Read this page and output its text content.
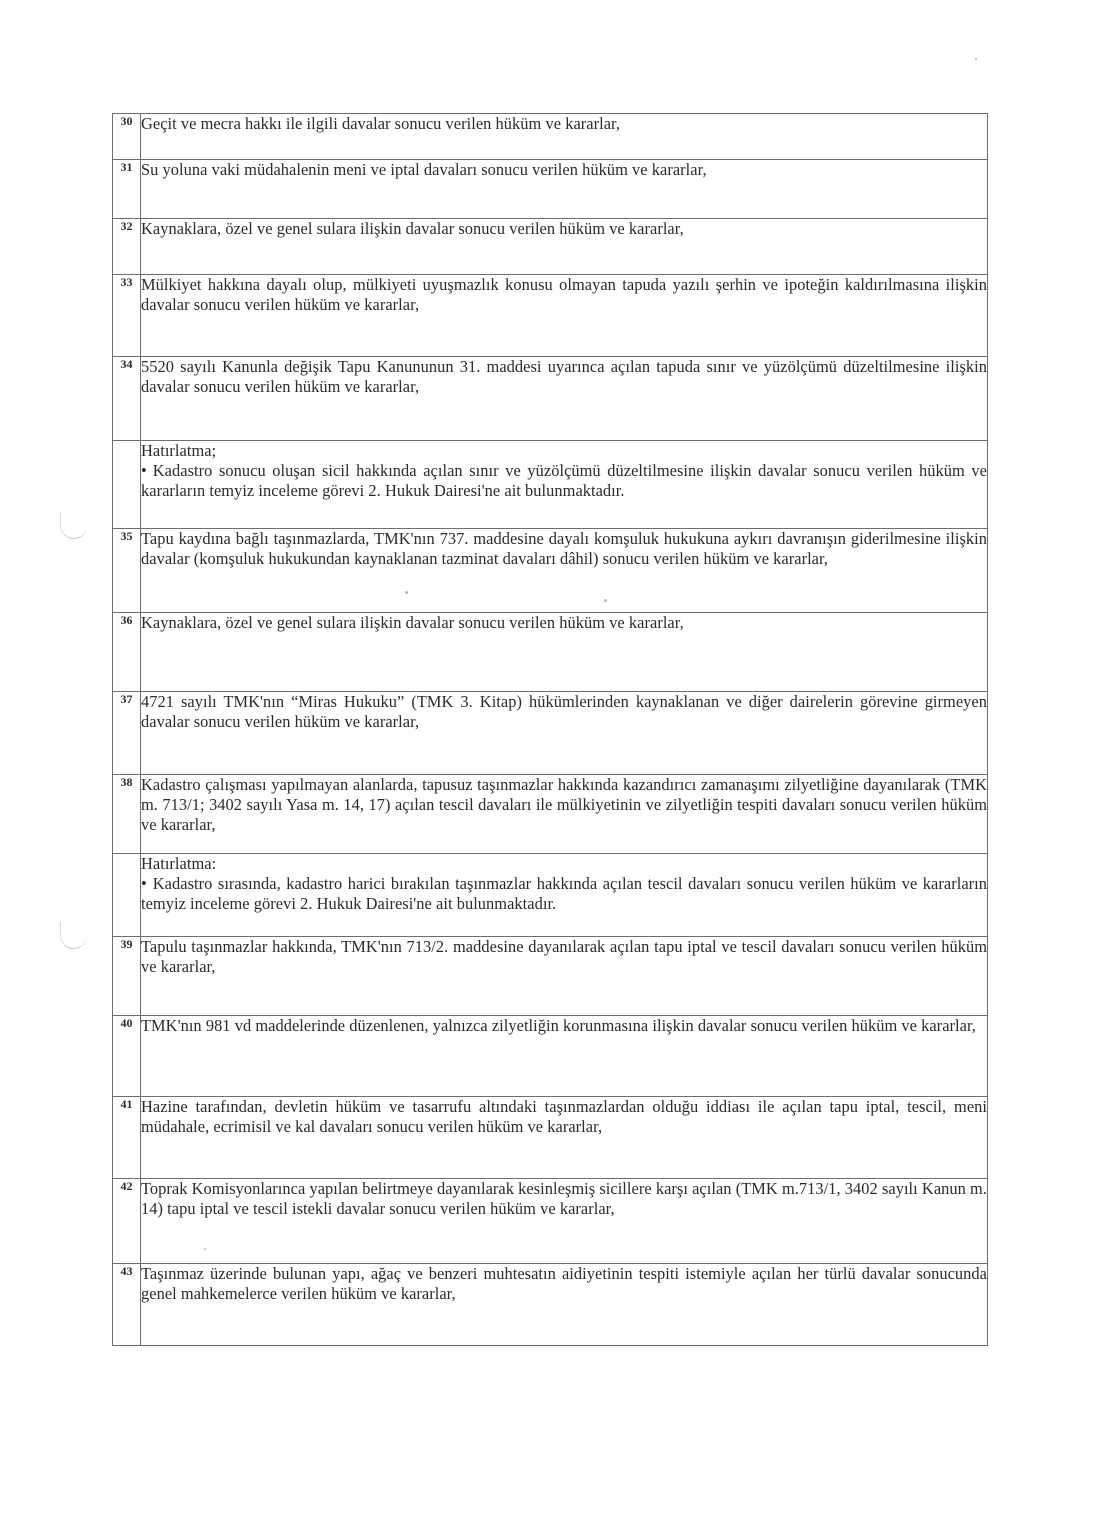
30	Geçit ve mecra hakkı ile ilgili davalar sonucu verilen hüküm ve kararlar,
31	Su yoluna vaki müdahalenin meni ve iptal davaları sonucu verilen hüküm ve kararlar,
32	Kaynaklara, özel ve genel sulara ilişkin davalar sonucu verilen hüküm ve kararlar,
33	Mülkiyet hakkına dayalı olup, mülkiyeti uyuşmazlık konusu olmayan tapuda yazılı şerhin ve ipoteğin kaldırılmasına ilişkin davalar sonucu verilen hüküm ve kararlar,
34	5520 sayılı Kanunla değişik Tapu Kanununun 31. maddesi uyarınca açılan tapuda sınır ve yüzölçümü düzeltilmesine ilişkin davalar sonucu verilen hüküm ve kararlar,

	Hatırlatma;
• Kadastro sonucu oluşan sicil hakkında açılan sınır ve yüzölçümü düzeltilmesine ilişkin davalar sonucu verilen hüküm ve kararların temyiz inceleme görevi 2. Hukuk Dairesi'ne ait bulunmaktadır.

35	Tapu kaydına bağlı taşınmazlarda, TMK'nın 737. maddesine dayalı komşuluk hukukuna aykırı davranışın giderilmesine ilişkin davalar (komşuluk hukukundan kaynaklanan tazminat davaları dâhil) sonucu verilen hüküm ve kararlar,
36	Kaynaklara, özel ve genel sulara ilişkin davalar sonucu verilen hüküm ve kararlar,
37	4721 sayılı TMK'nın “Miras Hukuku” (TMK 3. Kitap) hükümlerinden kaynaklanan ve diğer dairelerin görevine girmeyen davalar sonucu verilen hüküm ve kararlar,
38	Kadastro çalışması yapılmayan alanlarda, tapusuz taşınmazlar hakkında kazandırıcı zamanaşımı zilyetliğine dayanılarak (TMK m. 713/1; 3402 sayılı Yasa m. 14, 17) açılan tescil davaları ile mülkiyetinin ve zilyetliğin tespiti davaları sonucu verilen hüküm ve kararlar,

	Hatırlatma:
• Kadastro sırasında, kadastro harici bırakılan taşınmazlar hakkında açılan tescil davaları sonucu verilen hüküm ve kararların temyiz inceleme görevi 2. Hukuk Dairesi'ne ait bulunmaktadır.

39	Tapulu taşınmazlar hakkında, TMK'nın 713/2. maddesine dayanılarak açılan tapu iptal ve tescil davaları sonucu verilen hüküm ve kararlar,
40	TMK'nın 981 vd maddelerinde düzenlenen, yalnızca zilyetliğin korunmasına ilişkin davalar sonucu verilen hüküm ve kararlar,
41	Hazine tarafından, devletin hüküm ve tasarrufu altındaki taşınmazlardan olduğu iddiası ile açılan tapu iptal, tescil, meni müdahale, ecrimisil ve kal davaları sonucu verilen hüküm ve kararlar,
42	Toprak Komisyonlarınca yapılan belirtmeye dayanılarak kesinleşmiş sicillere karşı açılan (TMK m.713/1, 3402 sayılı Kanun m. 14) tapu iptal ve tescil istekli davalar sonucu verilen hüküm ve kararlar,
43	Taşınmaz üzerinde bulunan yapı, ağaç ve benzeri muhtesatın aidiyetinin tespiti istemiyle açılan her türlü davalar sonucunda genel mahkemelerce verilen hüküm ve kararlar,
